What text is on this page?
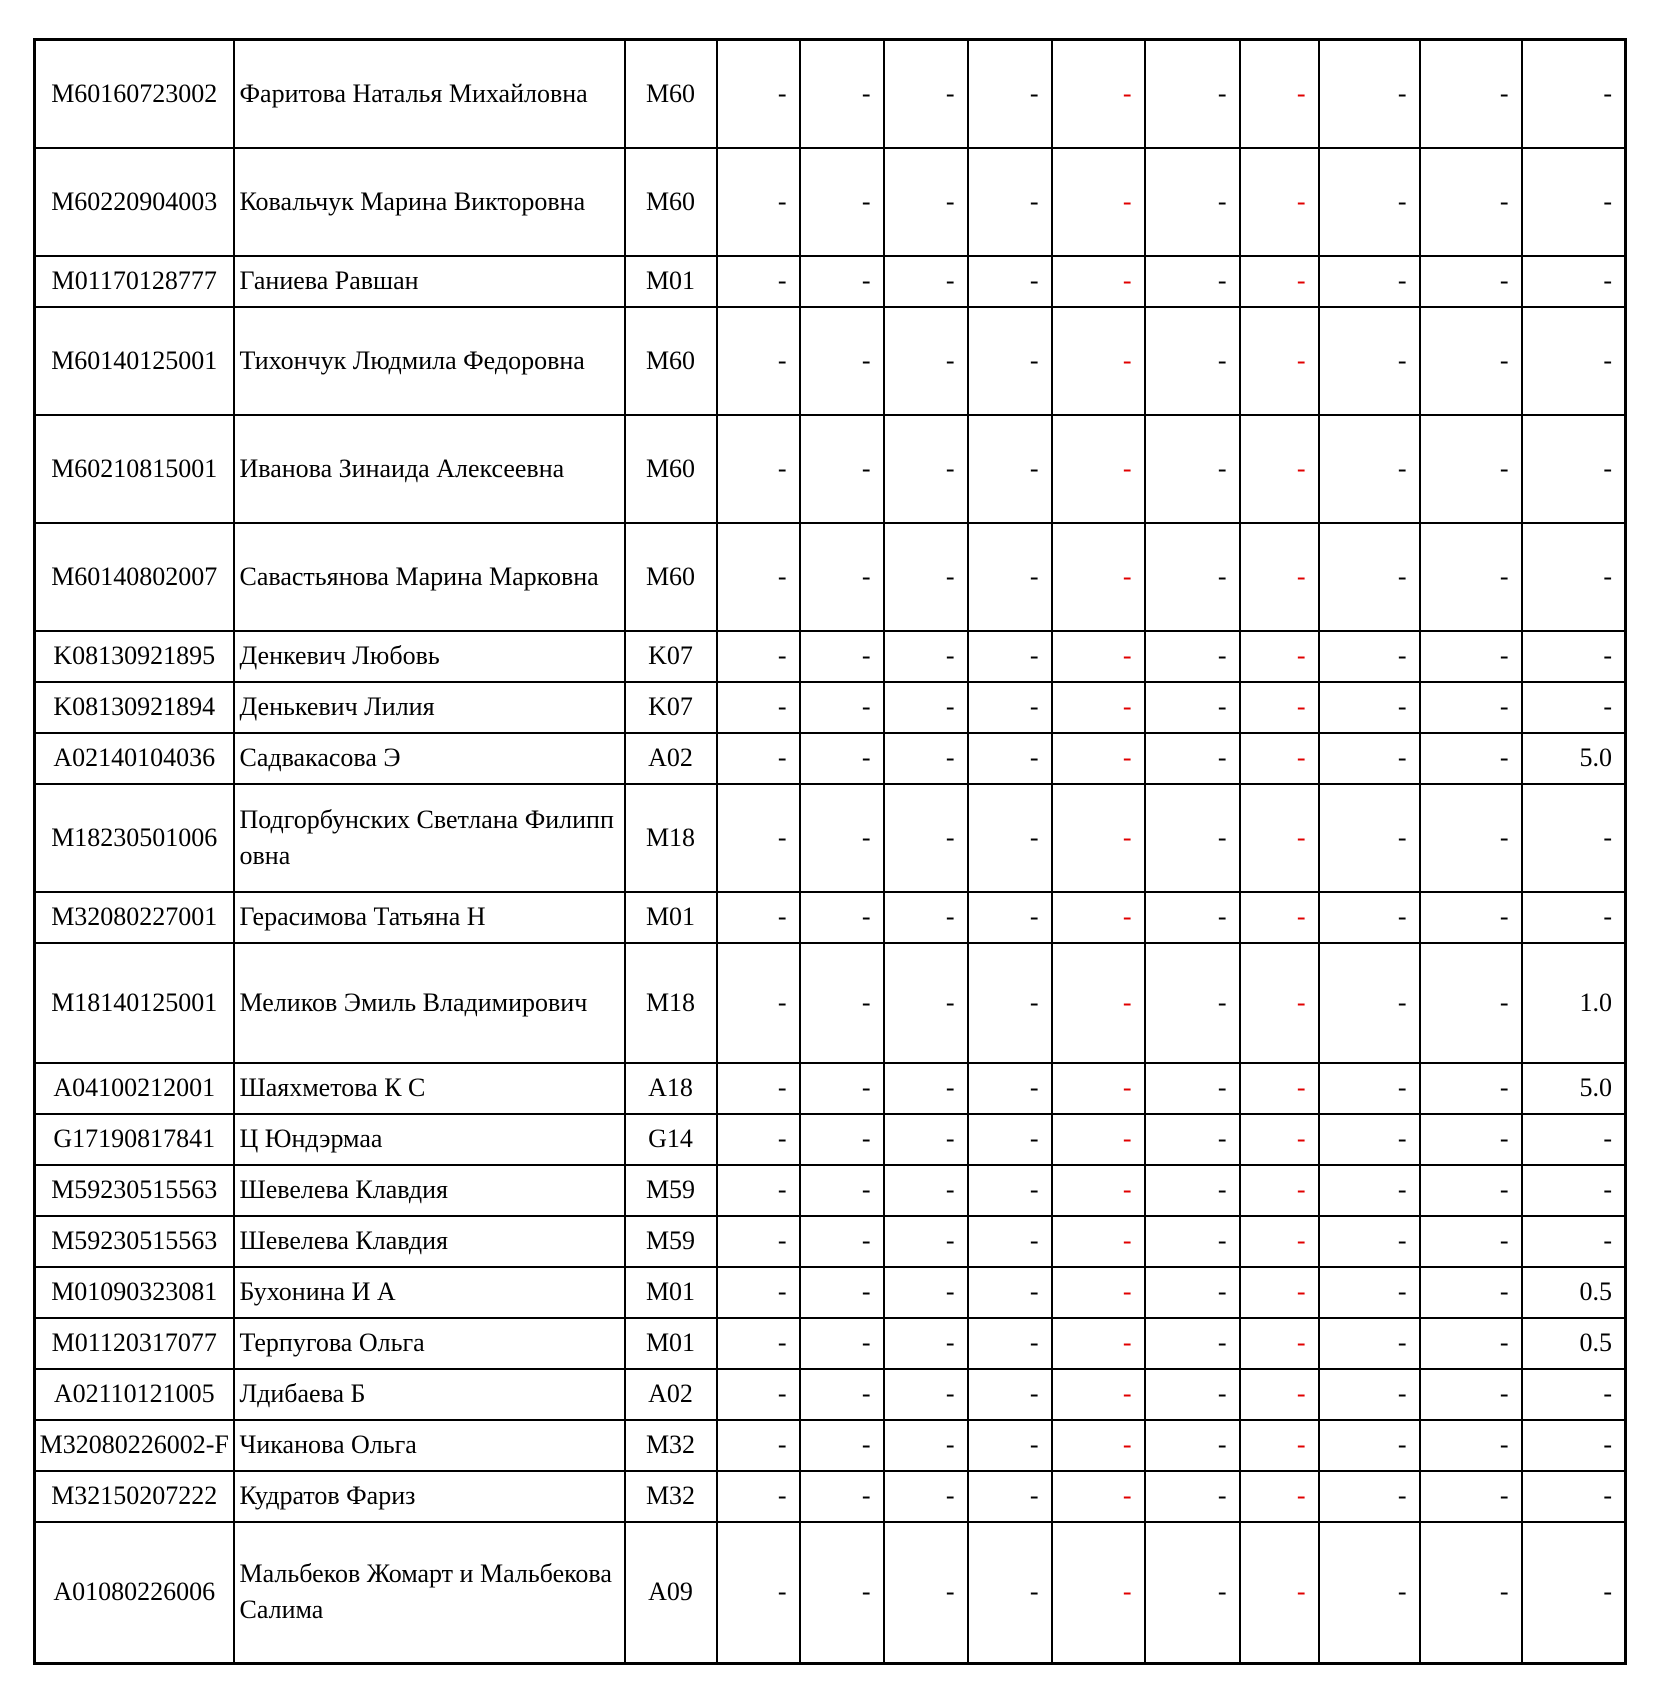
M60160723002	Фаритова Наталья Михайловна	M60	-	-	-	-	-	-	-	-	-	-
M60220904003	Ковальчук Марина Викторовна	M60	-	-	-	-	-	-	-	-	-	-
M01170128777	Ганиева Равшан	M01	-	-	-	-	-	-	-	-	-	-
M60140125001	Тихончук Людмила Федоровна	M60	-	-	-	-	-	-	-	-	-	-
M60210815001	Иванова Зинаида Алексеевна	M60	-	-	-	-	-	-	-	-	-	-
M60140802007	Савастьянова Марина Марковна	M60	-	-	-	-	-	-	-	-	-	-
K08130921895	Денкевич Любовь	K07	-	-	-	-	-	-	-	-	-	-
K08130921894	Денькевич Лилия	K07	-	-	-	-	-	-	-	-	-	-
A02140104036	Садвакасова Э	A02	-	-	-	-	-	-	-	-	-	5.0
M18230501006	Подгорбунских Светлана Филипповна	M18	-	-	-	-	-	-	-	-	-	-
M32080227001	Герасимова Татьяна Н	M01	-	-	-	-	-	-	-	-	-	-
M18140125001	Меликов Эмиль Владимирович	M18	-	-	-	-	-	-	-	-	-	1.0
A04100212001	Шаяхметова К С	A18	-	-	-	-	-	-	-	-	-	5.0
G17190817841	Ц Юндэрмаа	G14	-	-	-	-	-	-	-	-	-	-
M59230515563	Шевелева Клавдия	M59	-	-	-	-	-	-	-	-	-	-
M59230515563	Шевелева Клавдия	M59	-	-	-	-	-	-	-	-	-	-
M01090323081	Бухонина И А	M01	-	-	-	-	-	-	-	-	-	0.5
M01120317077	Терпугова Ольга	M01	-	-	-	-	-	-	-	-	-	0.5
A02110121005	Лдибаева Б	A02	-	-	-	-	-	-	-	-	-	-
M32080226002-F	Чиканова Ольга	M32	-	-	-	-	-	-	-	-	-	-
M32150207222	Кудратов Фариз	M32	-	-	-	-	-	-	-	-	-	-
A01080226006	Мальбеков Жомарт и Мальбекова Салима	A09	-	-	-	-	-	-	-	-	-	-
